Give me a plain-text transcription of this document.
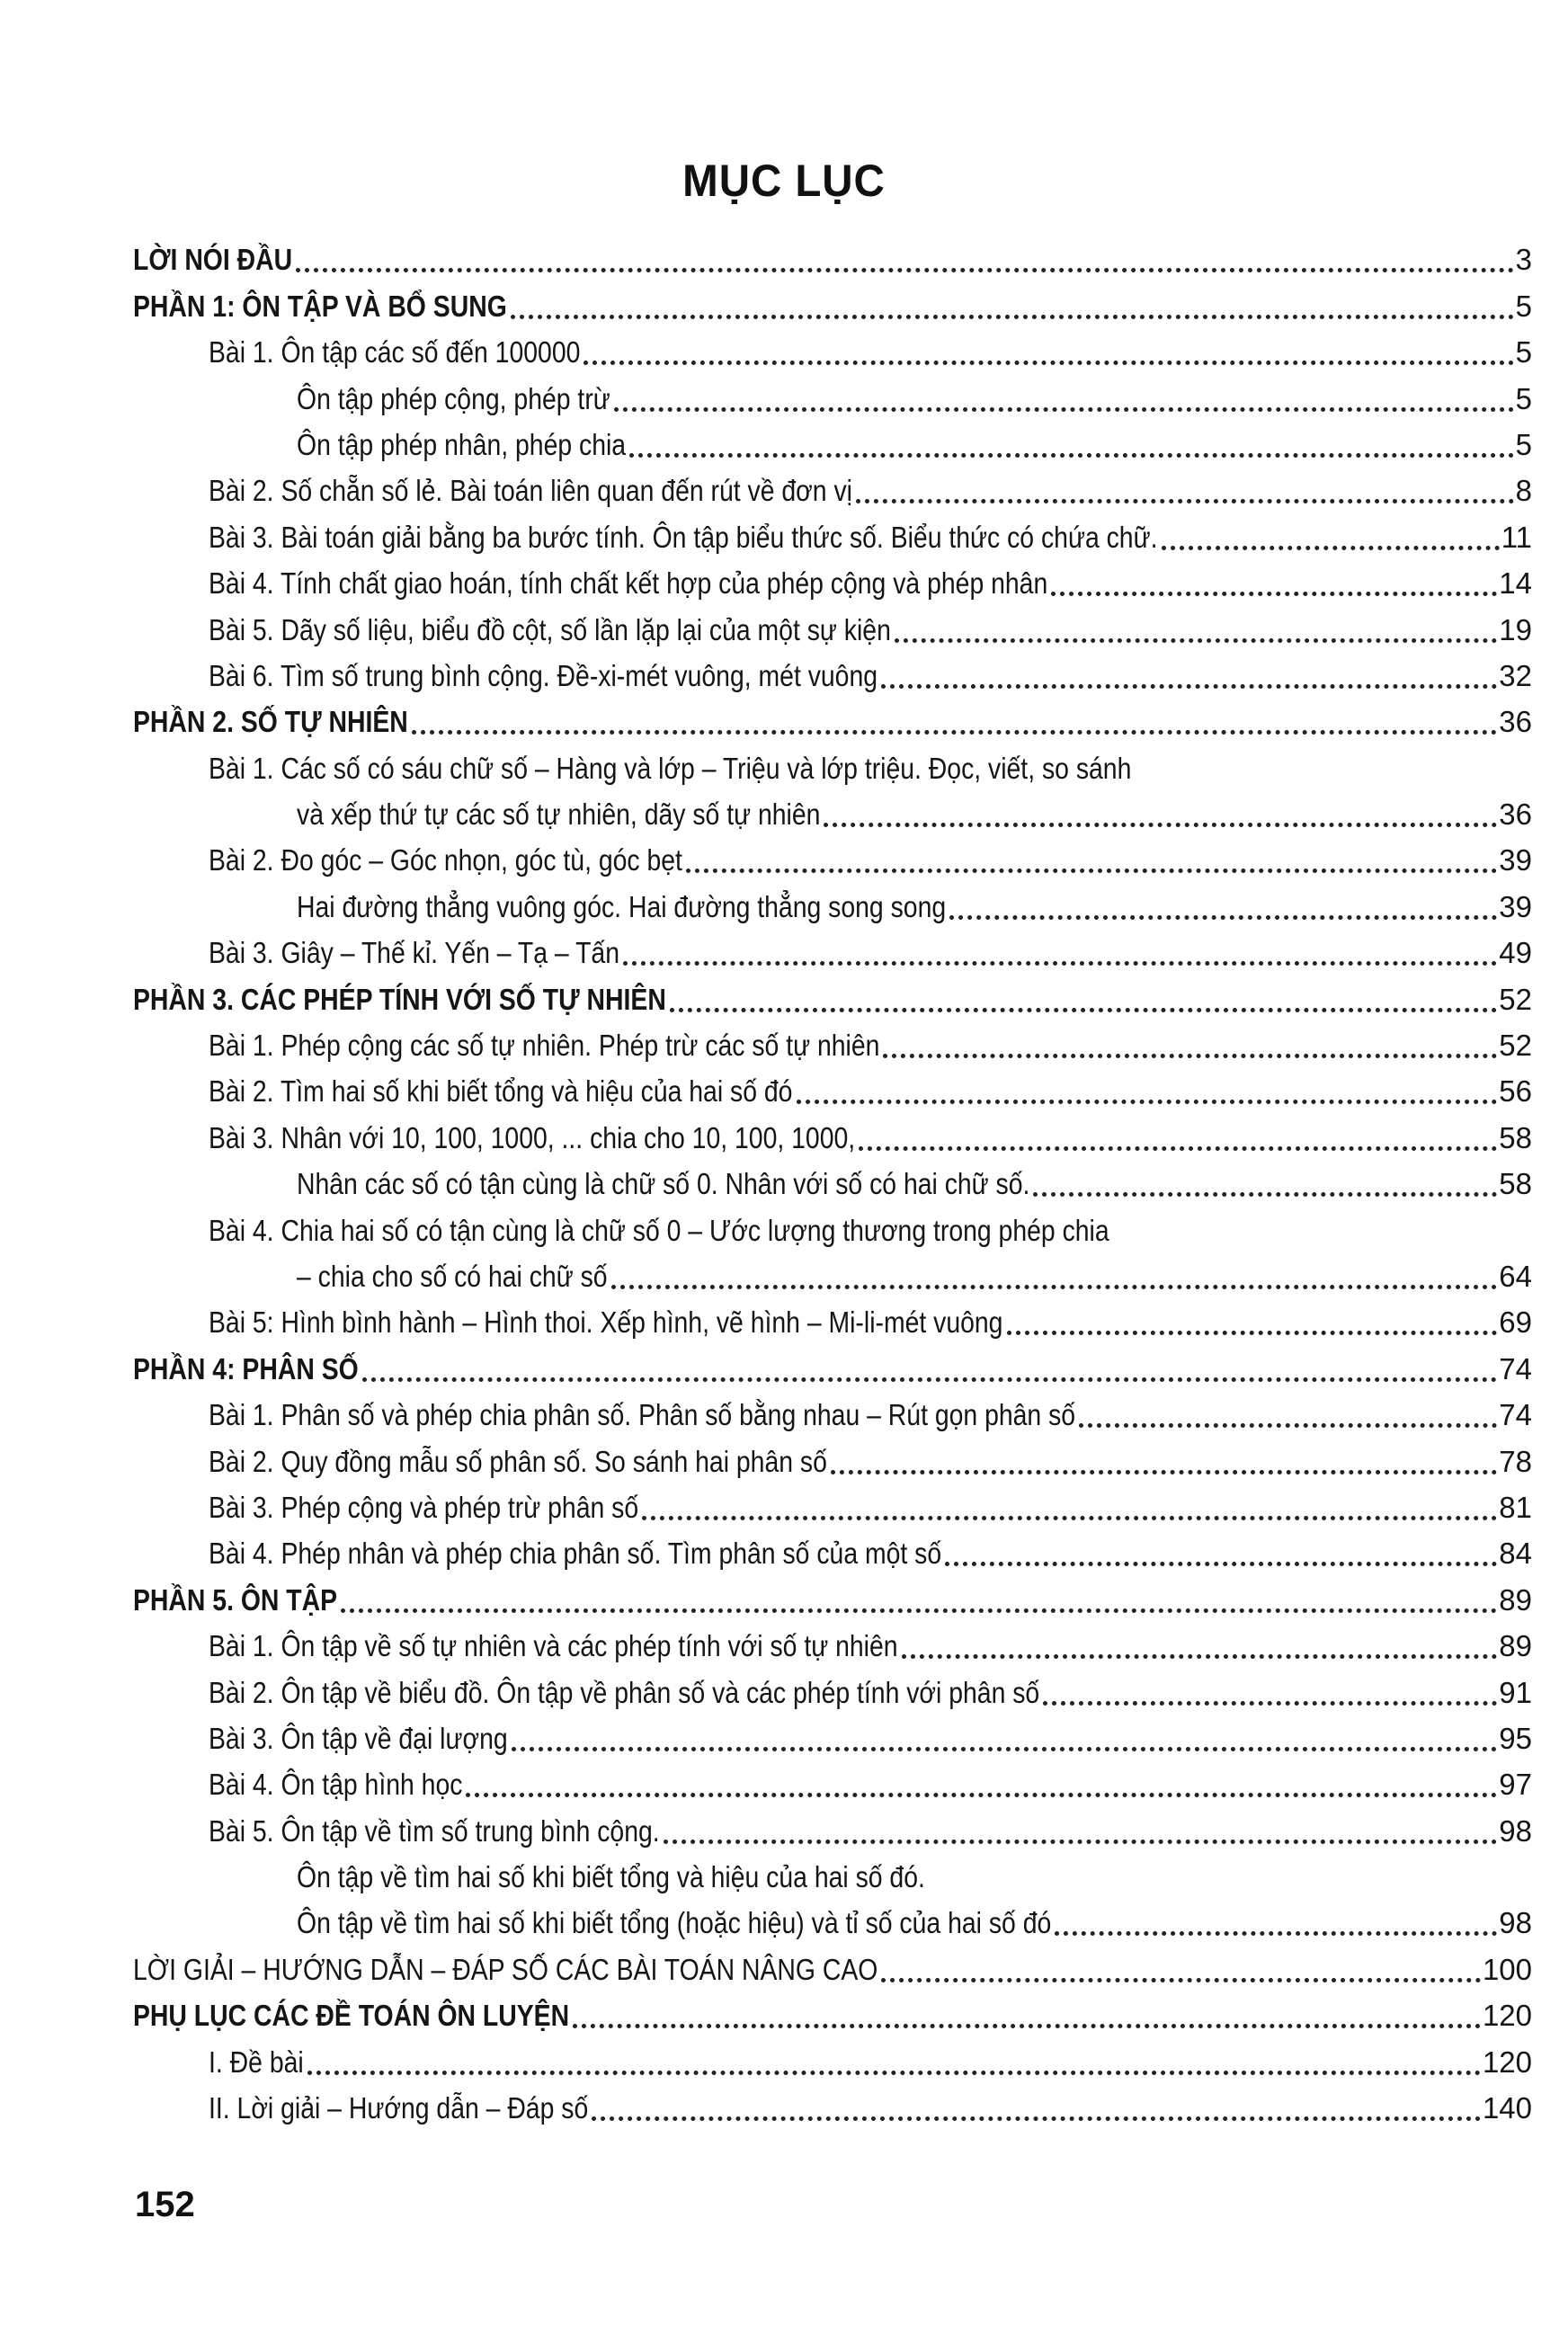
MỤC LỤC
LỜI NÓI ĐẦU	3
PHẦN 1: ÔN TẬP VÀ BỔ SUNG	5
Bài 1. Ôn tập các số đến 100000	5
Ôn tập phép cộng, phép trừ	5
Ôn tập phép nhân, phép chia	5
Bài 2. Số chẵn số lẻ. Bài toán liên quan đến rút về đơn vị	8
Bài 3. Bài toán giải bằng ba bước tính. Ôn tập biểu thức số. Biểu thức có chứa chữ.	11
Bài 4. Tính chất giao hoán, tính chất kết hợp của phép cộng và phép nhân	14
Bài 5. Dãy số liệu, biểu đồ cột, số lần lặp lại của một sự kiện	19
Bài 6. Tìm số trung bình cộng. Đề-xi-mét vuông, mét vuông	32
PHẦN 2. SỐ TỰ NHIÊN	36
Bài 1. Các số có sáu chữ số – Hàng và lớp – Triệu và lớp triệu. Đọc, viết, so sánh
và xếp thứ tự các số tự nhiên, dãy số tự nhiên	36
Bài 2. Đo góc – Góc nhọn, góc tù, góc bẹt	39
Hai đường thẳng vuông góc. Hai đường thẳng song song	39
Bài 3. Giây – Thế kỉ. Yến – Tạ – Tấn	49
PHẦN 3. CÁC PHÉP TÍNH VỚI SỐ TỰ NHIÊN	52
Bài 1. Phép cộng các số tự nhiên. Phép trừ các số tự nhiên	52
Bài 2. Tìm hai số khi biết tổng và hiệu của hai số đó	56
Bài 3. Nhân với 10, 100, 1000, ... chia cho 10, 100, 1000,	58
Nhân các số có tận cùng là chữ số 0. Nhân với số có hai chữ số.	58
Bài 4. Chia hai số có tận cùng là chữ số 0 – Ước lượng thương trong phép chia
– chia cho số có hai chữ số	64
Bài 5: Hình bình hành – Hình thoi. Xếp hình, vẽ hình – Mi-li-mét vuông	69
PHẦN 4: PHÂN SỐ	74
Bài 1. Phân số và phép chia phân số. Phân số bằng nhau – Rút gọn phân số	74
Bài 2. Quy đồng mẫu số phân số. So sánh hai phân số	78
Bài 3. Phép cộng và phép trừ phân số	81
Bài 4. Phép nhân và phép chia phân số. Tìm phân số của một số	84
PHẦN 5. ÔN TẬP	89
Bài 1. Ôn tập về số tự nhiên và các phép tính với số tự nhiên	89
Bài 2. Ôn tập về biểu đồ. Ôn tập về phân số và các phép tính với phân số	91
Bài 3. Ôn tập về đại lượng	95
Bài 4. Ôn tập hình học	97
Bài 5. Ôn tập về tìm số trung bình cộng.	98
Ôn tập về tìm hai số khi biết tổng và hiệu của hai số đó.
Ôn tập về tìm hai số khi biết tổng (hoặc hiệu) và tỉ số của hai số đó	98
LỜI GIẢI – HƯỚNG DẪN – ĐÁP SỐ CÁC BÀI TOÁN NÂNG CAO	100
PHỤ LỤC CÁC ĐỀ TOÁN ÔN LUYỆN	120
I. Đề bài	120
II. Lời giải – Hướng dẫn – Đáp số	140
152
